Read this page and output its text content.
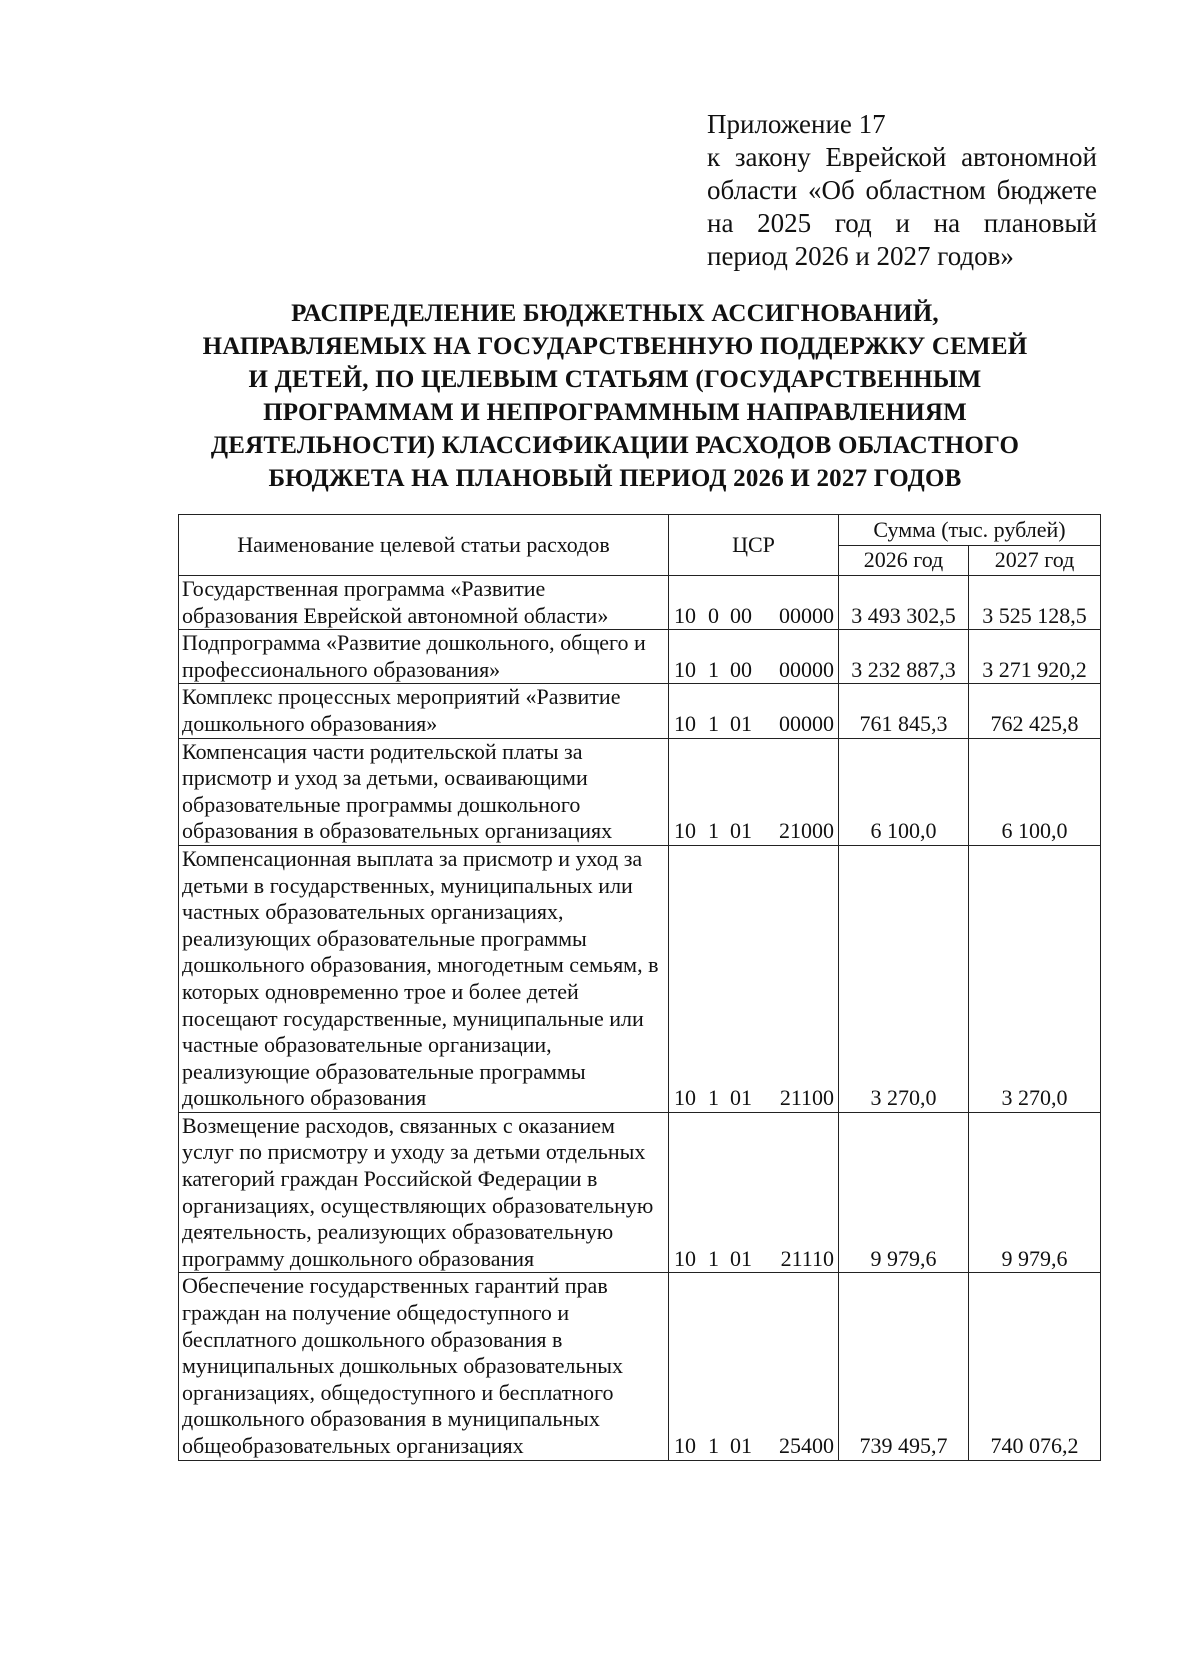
Приложение 17
к закону Еврейской автономной
области «Об областном бюджете
на 2025 год и на плановый
период 2026 и 2027 годов»
РАСПРЕДЕЛЕНИЕ БЮДЖЕТНЫХ АССИГНОВАНИЙ,
НАПРАВЛЯЕМЫХ НА ГОСУДАРСТВЕННУЮ ПОДДЕРЖКУ СЕМЕЙ
И ДЕТЕЙ, ПО ЦЕЛЕВЫМ СТАТЬЯМ (ГОСУДАРСТВЕННЫМ
ПРОГРАММАМ И НЕПРОГРАММНЫМ НАПРАВЛЕНИЯМ
ДЕЯТЕЛЬНОСТИ) КЛАССИФИКАЦИИ РАСХОДОВ ОБЛАСТНОГО
БЮДЖЕТА НА ПЛАНОВЫЙ ПЕРИОД 2026 И 2027 ГОДОВ
Наименование целевой статьи расходов	ЦСР	Сумма (тыс. рублей)	
		2026 год	2027 год
Государственная программа «Развитие образования Еврейской автономной области»	10 0 00 00000	3 493 302,5	3 525 128,5
Подпрограмма «Развитие дошкольного, общего и профессионального образования»	10 1 00 00000	3 232 887,3	3 271 920,2
Комплекс процессных мероприятий «Развитие дошкольного образования»	10 1 01 00000	761 845,3	762 425,8
Компенсация части родительской платы за присмотр и уход за детьми, осваивающими образовательные программы дошкольного образования в образовательных организациях	10 1 01 21000	6 100,0	6 100,0
Компенсационная выплата за присмотр и уход за детьми в государственных, муниципальных или частных образовательных организациях, реализующих образовательные программы дошкольного образования, многодетным семьям, в которых одновременно трое и более детей посещают государственные, муниципальные или частные образовательные организации, реализующие образовательные программы дошкольного образования	10 1 01 21100	3 270,0	3 270,0
Возмещение расходов, связанных с оказанием услуг по присмотру и уходу за детьми отдельных категорий граждан Российской Федерации в организациях, осуществляющих образовательную деятельность, реализующих образовательную программу дошкольного образования	10 1 01 21110	9 979,6	9 979,6
Обеспечение государственных гарантий прав граждан на получение общедоступного и бесплатного дошкольного образования в муниципальных дошкольных образовательных организациях, общедоступного и бесплатного дошкольного образования в муниципальных общеобразовательных организациях	10 1 01 25400	739 495,7	740 076,2
